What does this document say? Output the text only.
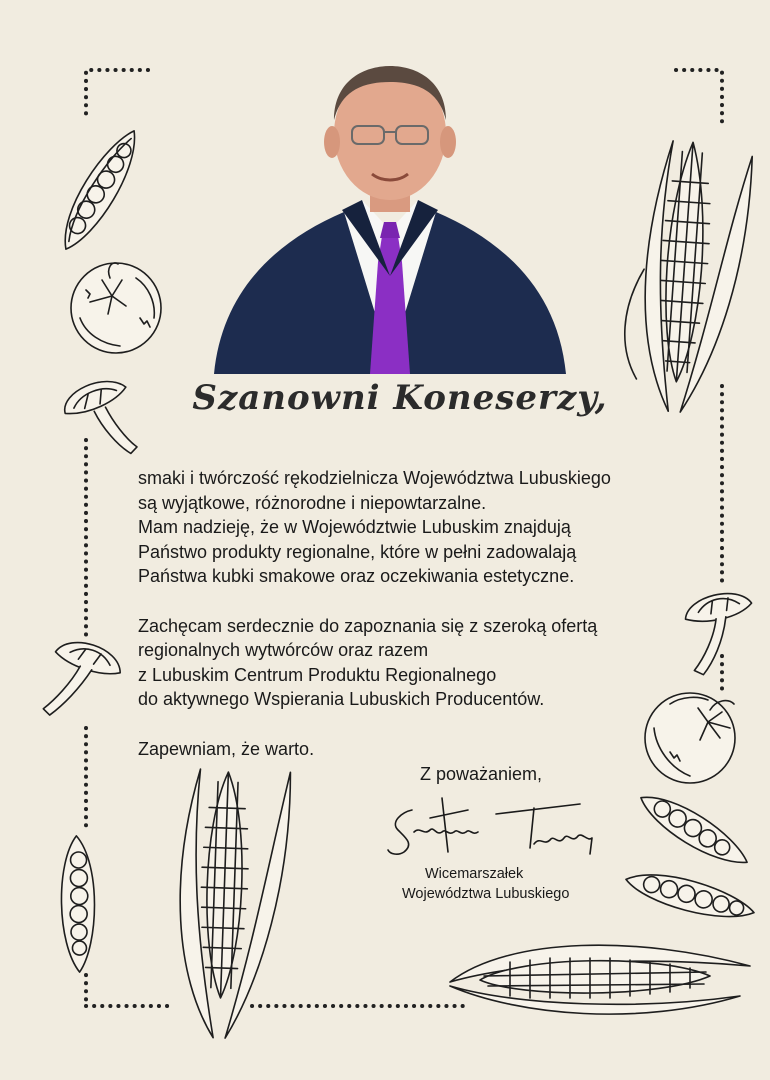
Szanowni Koneserzy,

smaki i twórczość rękodzielnicza Województwa Lubuskiego
są wyjątkowe, różnorodne i niepowtarzalne.
Mam nadzieję, że w Województwie Lubuskim znajdują
Państwo produkty regionalne, które w pełni zadowalają
Państwa kubki smakowe oraz oczekiwania estetyczne.

Zachęcam serdecznie do zapoznania się z szeroką ofertą
regionalnych wytwórców oraz razem
z Lubuskim Centrum Produktu Regionalnego
do aktywnego Wspierania Lubuskich Producentów.

Zapewniam, że warto.

Z poważaniem,
Wicemarszałek
Województwa Lubuskiego
